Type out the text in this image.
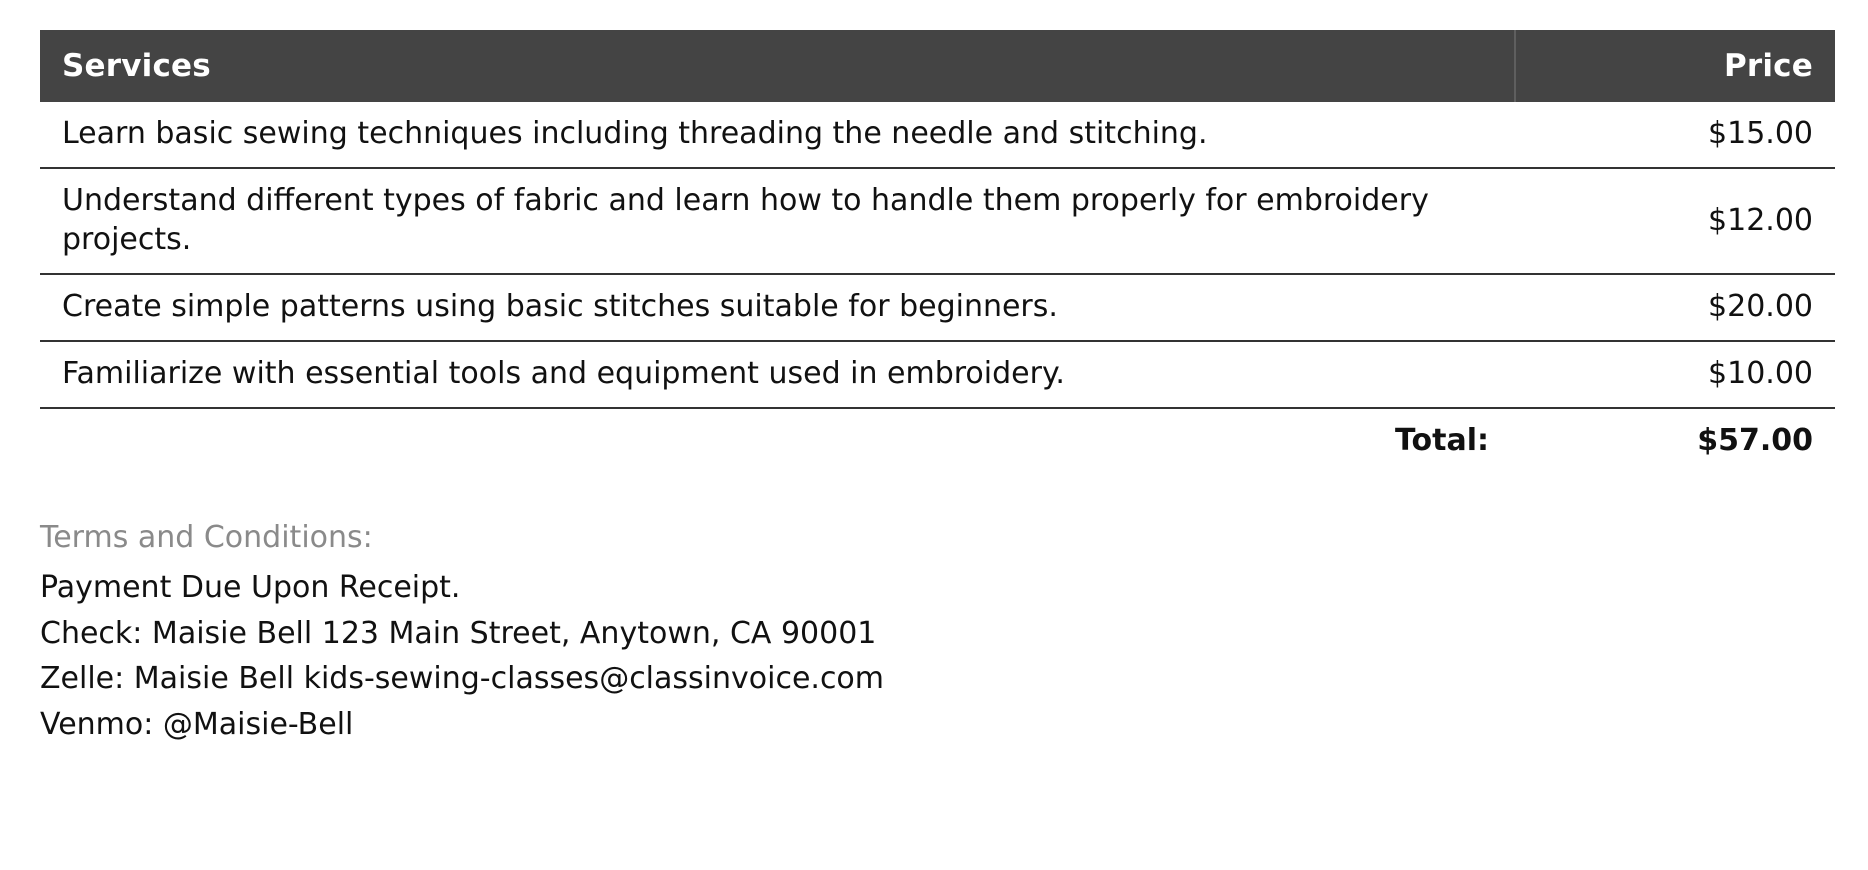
Services	Price
Learn basic sewing techniques including threading the needle and stitching.	$15.00
Understand different types of fabric and learn how to handle them properly for embroidery projects.	$12.00
Create simple patterns using basic stitches suitable for beginners.	$20.00
Familiarize with essential tools and equipment used in embroidery.	$10.00
Total:	$57.00
Terms and Conditions:
Payment Due Upon Receipt.
Check: Maisie Bell 123 Main Street, Anytown, CA 90001
Zelle: Maisie Bell kids-sewing-classes@classinvoice.com
Venmo: @Maisie-Bell
